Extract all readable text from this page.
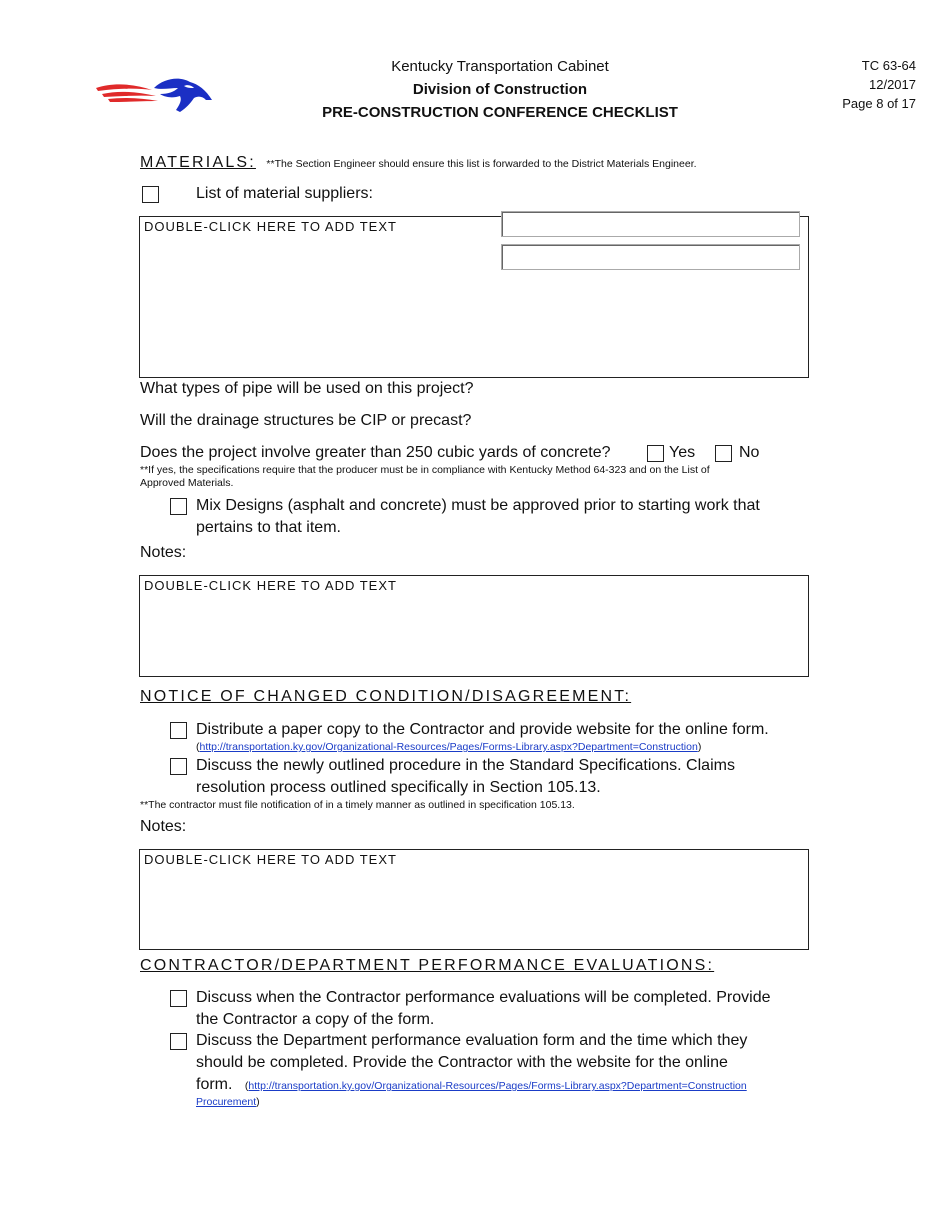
Kentucky Transportation Cabinet
Division of Construction
PRE-CONSTRUCTION CONFERENCE CHECKLIST
TC 63-64
12/2017
Page 8 of 17
MATERIALS: **The Section Engineer should ensure this list is forwarded to the District Materials Engineer.
List of material suppliers:
DOUBLE-CLICK HERE TO ADD TEXT
What types of pipe will be used on this project?
Will the drainage structures be CIP or precast?
Does the project involve greater than 250 cubic yards of concrete?	Yes	No
**If yes, the specifications require that the producer must be in compliance with Kentucky Method 64-323 and on the List of
Approved Materials.
Mix Designs (asphalt and concrete) must be approved prior to starting work that
pertains to that item.
Notes:
DOUBLE-CLICK HERE TO ADD TEXT
NOTICE OF CHANGED CONDITION/DISAGREEMENT:
Distribute a paper copy to the Contractor and provide website for the online form.
(http://transportation.ky.gov/Organizational-Resources/Pages/Forms-Library.aspx?Department=Construction)
Discuss the newly outlined procedure in the Standard Specifications. Claims
resolution process outlined specifically in Section 105.13.
**The contractor must file notification of in a timely manner as outlined in specification 105.13.
Notes:
DOUBLE-CLICK HERE TO ADD TEXT
CONTRACTOR/DEPARTMENT PERFORMANCE EVALUATIONS:
Discuss when the Contractor performance evaluations will be completed. Provide
the Contractor a copy of the form.
Discuss the Department performance evaluation form and the time which they
should be completed. Provide the Contractor with the website for the online
form. (http://transportation.ky.gov/Organizational-Resources/Pages/Forms-Library.aspx?Department=Construction
Procurement)
